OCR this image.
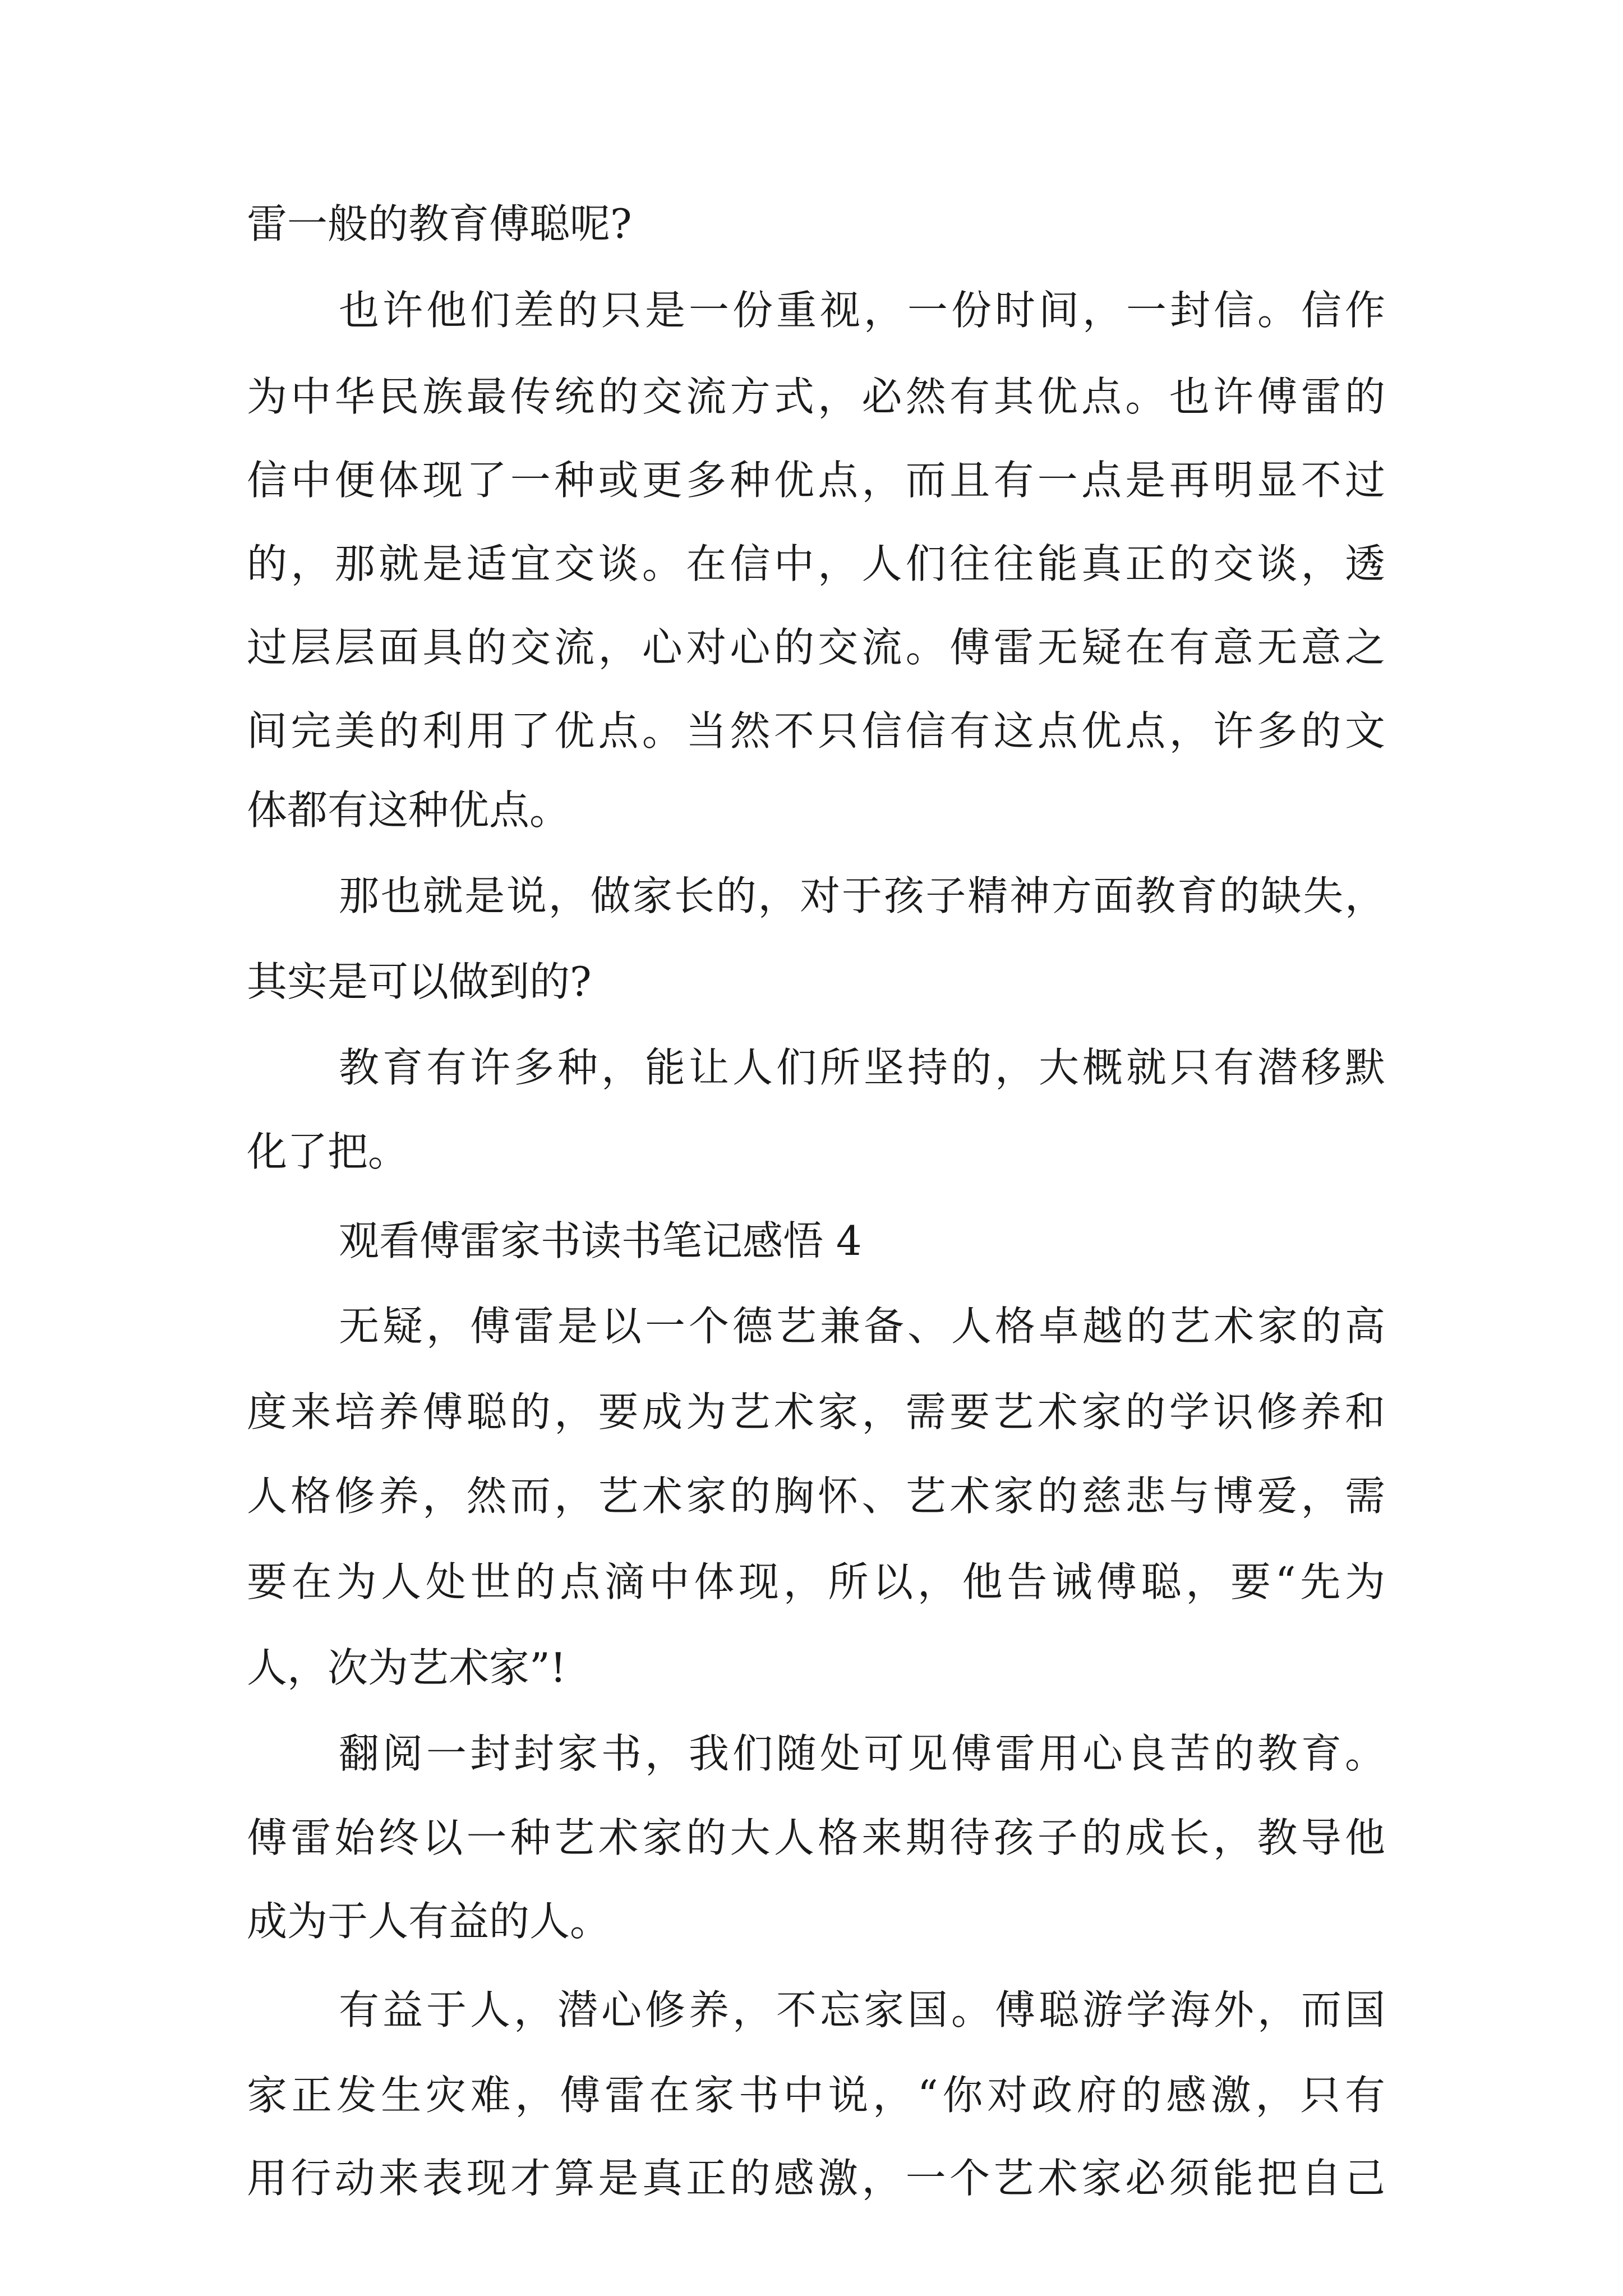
雷一般的教育傅聪呢?

也许他们差的只是一份重视，一份时间，一封信。信作

为中华民族最传统的交流方式，必然有其优点。也许傅雷的

信中便体现了一种或更多种优点，而且有一点是再明显不过

的，那就是适宜交谈。在信中，人们往往能真正的交谈，透

过层层面具的交流，心对心的交流。傅雷无疑在有意无意之

间完美的利用了优点。当然不只信信有这点优点，许多的文

体都有这种优点。

那也就是说，做家长的，对于孩子精神方面教育的缺失，

其实是可以做到的?

教育有许多种，能让人们所坚持的，大概就只有潜移默

化了把。

观看傅雷家书读书笔记感悟 4

无疑，傅雷是以一个德艺兼备、人格卓越的艺术家的高

度来培养傅聪的，要成为艺术家，需要艺术家的学识修养和

人格修养，然而，艺术家的胸怀、艺术家的慈悲与博爱，需

要在为人处世的点滴中体现，所以，他告诫傅聪，要“先为

人，次为艺术家”!

翻阅一封封家书，我们随处可见傅雷用心良苦的教育。

傅雷始终以一种艺术家的大人格来期待孩子的成长，教导他

成为于人有益的人。

有益于人，潜心修养，不忘家国。傅聪游学海外，而国

家正发生灾难，傅雷在家书中说，“你对政府的感激，只有

用行动来表现才算是真正的感激，一个艺术家必须能把自己
